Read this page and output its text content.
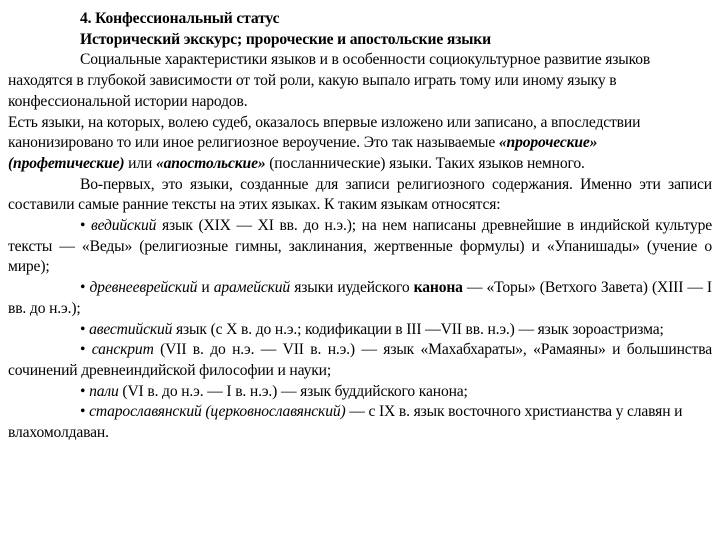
4. Конфессиональный статус
Исторический экскурс; пророческие и апостольские языки

Социальные характеристики языков и в особенности социокультурное развитие языков находятся в глубокой зависимости от той роли, какую выпало играть тому или иному языку в конфессиональной истории народов.

Есть языки, на которых, волею судеб, оказалось впервые изложено или записано, а впоследствии канонизировано то или иное религиозное вероучение. Это так называемые «пророческие» (профетические) или «апостольские» (посланнические) языки. Таких языков немного.

Во-первых, это языки, созданные для записи религиозного содержания. Именно эти записи составили самые ранние тексты на этих языках. К таким языкам относятся:

• ведийский язык (XIX — XI вв. до н.э.); на нем написаны древнейшие в индийской культуре тексты — «Веды» (религиозные гимны, заклинания, жертвенные формулы) и «Упанишады» (учение о мире);

• древнееврейский и арамейский языки иудейского канона — «Торы» (Ветхого Завета) (XIII — I вв. до н.э.);

• авестийский язык (с X в. до н.э.; кодификации в III —VII вв. н.э.) — язык зороастризма;

• санскрит (VII в. до н.э. — VII в. н.э.) — язык «Махабхараты», «Рамаяны» и большинства сочинений древнеиндийской философии и науки;

• пали (VI в. до н.э. — I в. н.э.) — язык буддийского канона;

• старославянский (церковнославянский) — с IX в. язык восточного христианства у славян и влахомолдаван.
